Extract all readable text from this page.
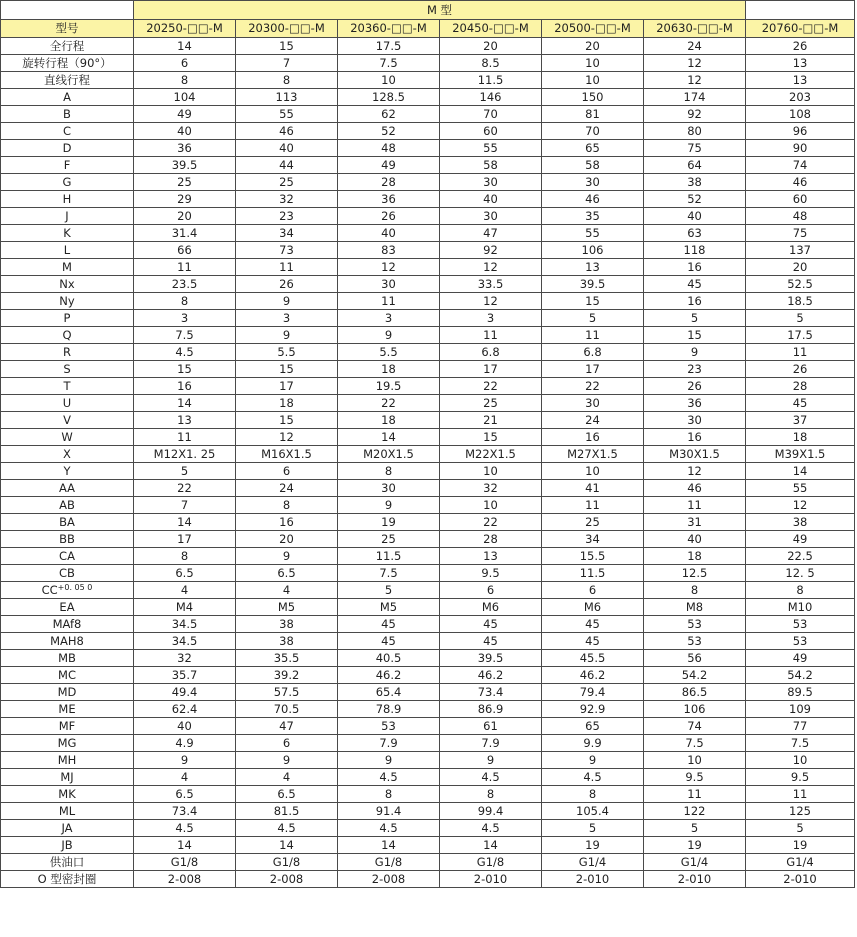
	M 型						
型号	20250-□□-M	20300-□□-M	20360-□□-M	20450-□□-M	20500-□□-M	20630-□□-M	20760-□□-M
全行程	14	15	17.5	20	20	24	26
旋转行程（90°）	6	7	7.5	8.5	10	12	13
直线行程	8	8	10	11.5	10	12	13
A	104	113	128.5	146	150	174	203
B	49	55	62	70	81	92	108
C	40	46	52	60	70	80	96
D	36	40	48	55	65	75	90
F	39.5	44	49	58	58	64	74
G	25	25	28	30	30	38	46
H	29	32	36	40	46	52	60
J	20	23	26	30	35	40	48
K	31.4	34	40	47	55	63	75
L	66	73	83	92	106	118	137
M	11	11	12	12	13	16	20
Nx	23.5	26	30	33.5	39.5	45	52.5
Ny	8	9	11	12	15	16	18.5
P	3	3	3	3	5	5	5
Q	7.5	9	9	11	11	15	17.5
R	4.5	5.5	5.5	6.8	6.8	9	11
S	15	15	18	17	17	23	26
T	16	17	19.5	22	22	26	28
U	14	18	22	25	30	36	45
V	13	15	18	21	24	30	37
W	11	12	14	15	16	16	18
X	M12X1. 25	M16X1.5	M20X1.5	M22X1.5	M27X1.5	M30X1.5	M39X1.5
Y	5	6	8	10	10	12	14
AA	22	24	30	32	41	46	55
AB	7	8	9	10	11	11	12
BA	14	16	19	22	25	31	38
BB	17	20	25	28	34	40	49
CA	8	9	11.5	13	15.5	18	22.5
CB	6.5	6.5	7.5	9.5	11.5	12.5	12. 5
$CC^{+0. 05 0}$	4	4	5	6	6	8	8
EA	M4	M5	M5	M6	M6	M8	M10
MAf8	34.5	38	45	45	45	53	53
MAH8	34.5	38	45	45	45	53	53
MB	32	35.5	40.5	39.5	45.5	56	49
MC	35.7	39.2	46.2	46.2	46.2	54.2	54.2
MD	49.4	57.5	65.4	73.4	79.4	86.5	89.5
ME	62.4	70.5	78.9	86.9	92.9	106	109
MF	40	47	53	61	65	74	77
MG	4.9	6	7.9	7.9	9.9	7.5	7.5
MH	9	9	9	9	9	10	10
MJ	4	4	4.5	4.5	4.5	9.5	9.5
MK	6.5	6.5	8	8	8	11	11
ML	73.4	81.5	91.4	99.4	105.4	122	125
JA	4.5	4.5	4.5	4.5	5	5	5
JB	14	14	14	14	19	19	19
供油口	G1/8	G1/8	G1/8	G1/8	G1/4	G1/4	G1/4
O 型密封圈	2-008	2-008	2-008	2-010	2-010	2-010	2-010
